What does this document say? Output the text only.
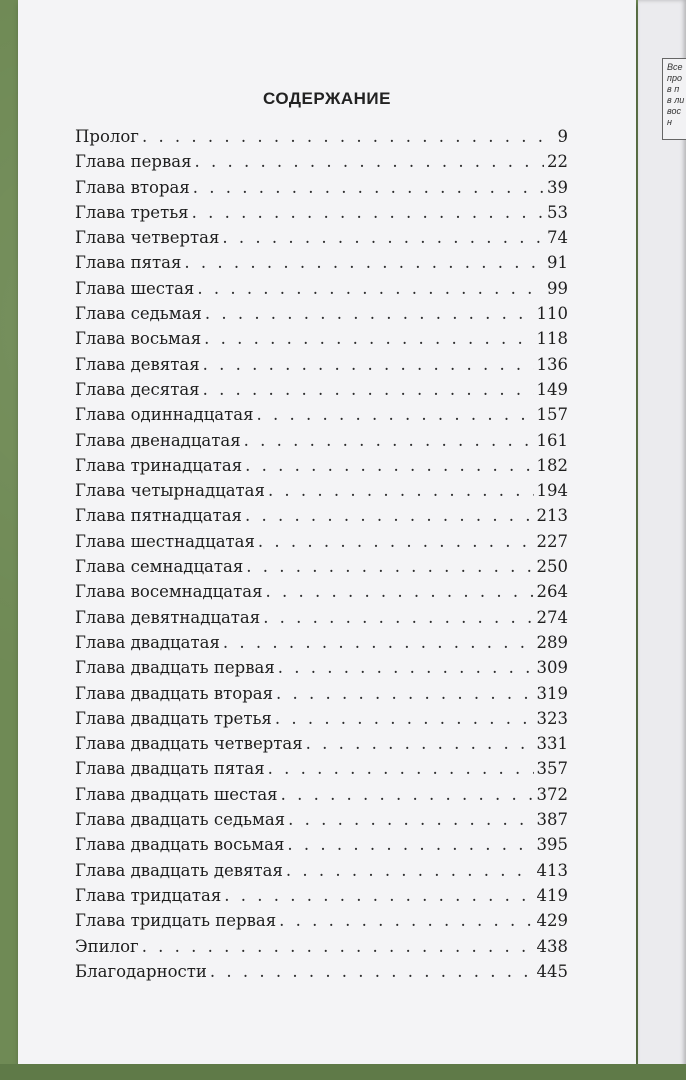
Все
про
в п
в ли
вос
н
СОДЕРЖАНИЕ
Пролог . . .	9
Глава первая . . .	22
Глава вторая . . .	39
Глава третья . . .	53
Глава четвертая . . .	74
Глава пятая . . .	91
Глава шестая . . .	99
Глава седьмая . . .	110
Глава восьмая . . .	118
Глава девятая . . .	136
Глава десятая . . .	149
Глава одиннадцатая . . .	157
Глава двенадцатая . . .	161
Глава тринадцатая . . .	182
Глава четырнадцатая . . .	194
Глава пятнадцатая . . .	213
Глава шестнадцатая . . .	227
Глава семнадцатая . . .	250
Глава восемнадцатая . . .	264
Глава девятнадцатая . . .	274
Глава двадцатая . . .	289
Глава двадцать первая . . .	309
Глава двадцать вторая . . .	319
Глава двадцать третья . . .	323
Глава двадцать четвертая . . .	331
Глава двадцать пятая . . .	357
Глава двадцать шестая . . .	372
Глава двадцать седьмая . . .	387
Глава двадцать восьмая . . .	395
Глава двадцать девятая . . .	413
Глава тридцатая . . .	419
Глава тридцать первая . . .	429
Эпилог . . .	438
Благодарности . . .	445
